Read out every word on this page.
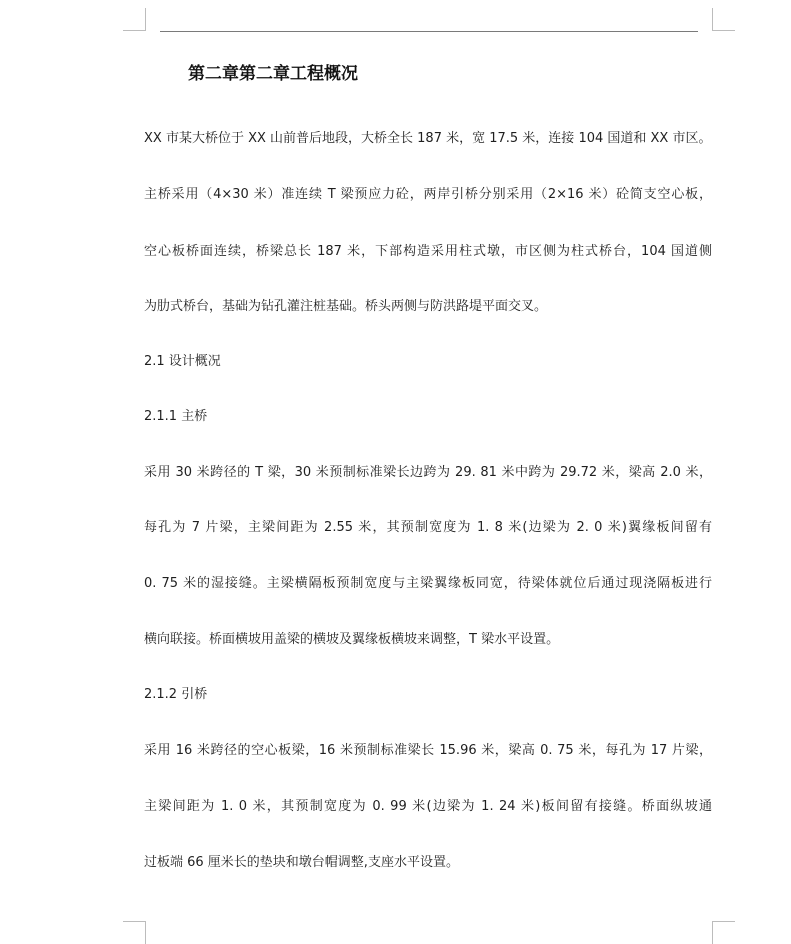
第二章第二章工程概况
XX 市某大桥位于 XX 山前普后地段，大桥全长 187 米，宽 17.5 米，连接 104 国道和 XX 市区。
主桥采用（4×30 米）准连续 T 梁预应力砼，两岸引桥分别采用（2×16 米）砼简支空心板，
空心板桥面连续，桥梁总长 187 米，下部构造采用柱式墩，市区侧为柱式桥台，104 国道侧
为肋式桥台，基础为钻孔灌注桩基础。桥头两侧与防洪路堤平面交叉。
2.1 设计概况
2.1.1 主桥
采用 30 米跨径的 T 梁，30 米预制标准梁长边跨为 29. 81 米中跨为 29.72 米，梁高 2.0 米，
每孔为 7 片梁，主梁间距为 2.55 米，其预制宽度为 1. 8 米(边梁为 2. 0 米)翼缘板间留有
0. 75 米的湿接缝。主梁横隔板预制宽度与主梁翼缘板同宽，待梁体就位后通过现浇隔板进行
横向联接。桥面横坡用盖梁的横坡及翼缘板横坡来调整，T 梁水平设置。
2.1.2 引桥
采用 16 米跨径的空心板梁，16 米预制标准梁长 15.96 米，梁高 0. 75 米，每孔为 17 片梁，
主梁间距为 1. 0 米，其预制宽度为 0. 99 米(边梁为 1. 24 米)板间留有接缝。桥面纵坡通
过板端 66 厘米长的垫块和墩台帽调整,支座水平设置。
